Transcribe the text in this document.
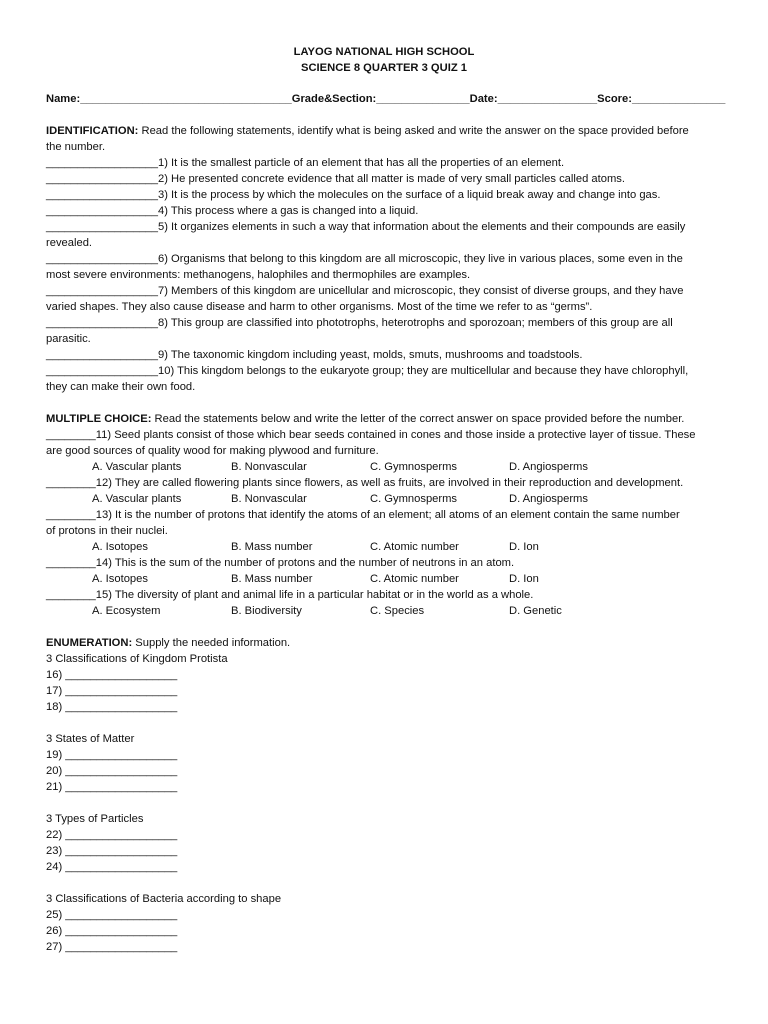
LAYOG NATIONAL HIGH SCHOOL
SCIENCE 8 QUARTER 3 QUIZ 1
Name:__________________________________Grade&Section:_______________Date:________________Score:_______________
IDENTIFICATION: Read the following statements, identify what is being asked and write the answer on the space provided before
the number.
__________________1) It is the smallest particle of an element that has all the properties of an element.
__________________2) He presented concrete evidence that all matter is made of very small particles called atoms.
__________________3) It is the process by which the molecules on the surface of a liquid break away and change into gas.
__________________4) This process where a gas is changed into a liquid.
__________________5) It organizes elements in such a way that information about the elements and their compounds are easily
revealed.
__________________6) Organisms that belong to this kingdom are all microscopic, they live in various places, some even in the
most severe environments: methanogens, halophiles and thermophiles are examples.
__________________7) Members of this kingdom are unicellular and microscopic, they consist of diverse groups, and they have
varied shapes. They also cause disease and harm to other organisms. Most of the time we refer to as “germs”.
__________________8) This group are classified into phototrophs, heterotrophs and sporozoan; members of this group are all
parasitic.
__________________9) The taxonomic kingdom including yeast, molds, smuts, mushrooms and toadstools.
__________________10) This kingdom belongs to the eukaryote group; they are multicellular and because they have chlorophyll,
they can make their own food.
MULTIPLE CHOICE: Read the statements below and write the letter of the correct answer on space provided before the number.
________11) Seed plants consist of those which bear seeds contained in cones and those inside a protective layer of tissue. These
are good sources of quality wood for making plywood and furniture.
A. Vascular plants	B. Nonvascular	C. Gymnosperms	D. Angiosperms
________12) They are called flowering plants since flowers, as well as fruits, are involved in their reproduction and development.
A. Vascular plants	B. Nonvascular	C. Gymnosperms	D. Angiosperms
________13) It is the number of protons that identify the atoms of an element; all atoms of an element contain the same number
of protons in their nuclei.
A. Isotopes	B. Mass number	C. Atomic number	D. Ion
________14) This is the sum of the number of protons and the number of neutrons in an atom.
A. Isotopes	B. Mass number	C. Atomic number	D. Ion
________15) The diversity of plant and animal life in a particular habitat or in the world as a whole.
A. Ecosystem	B. Biodiversity	C. Species	D. Genetic
ENUMERATION: Supply the needed information.
3 Classifications of Kingdom Protista
16) __________________
17) __________________
18) __________________
3 States of Matter
19) __________________
20) __________________
21) __________________
3 Types of Particles
22) __________________
23) __________________
24) __________________
3 Classifications of Bacteria according to shape
25) __________________
26) __________________
27) __________________
